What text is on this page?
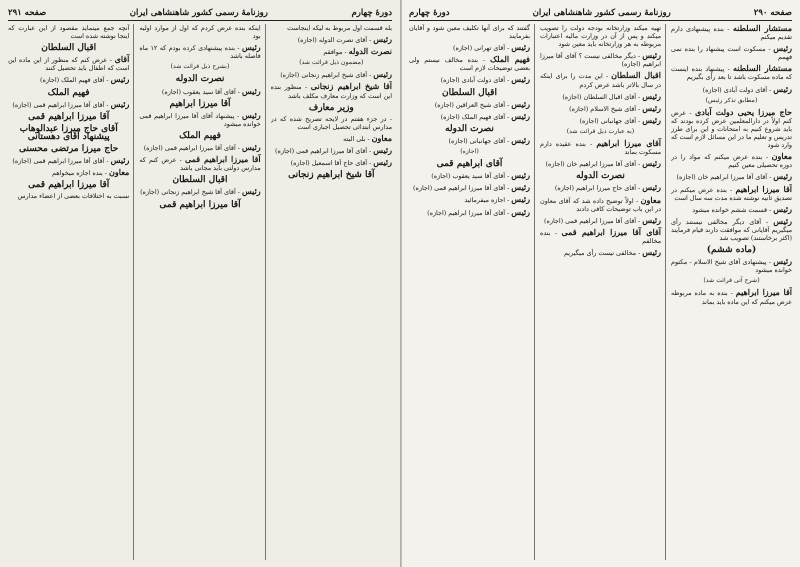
صفحه ۲۹۰
روزنامهٔ رسمی کشور شاهنشاهی ایران
دورهٔ چهارم

مستشار السلطنه - بنده پیشنهادی دارم تقدیم میکنم

رئیس - مسکوت است پیشنهاد را بنده نمی فهمم

مستشار السلطنه - پیشنهاد بنده اینست که ماده مسکوت باشد تا بعد رأی بگیریم

رئیس - آقای دولت آبادی (اجازه)

(مطابق تذکر رئیس)

حاج میرزا یحیی دولت آبادی - عرض کنم اولاً در دارالمعلمین عرض کرده بودند که باید شروع کنیم به امتحانات و این برای طرز تدریس و تعلیم ما در این مسائل لازم است که وارد شود

معاون - بنده عرض میکنم که مواد را در دوره تحصیلی معین کنیم

رئیس - آقای آقا میرزا ابراهیم خان (اجازه)

آقا میرزا ابراهیم - بنده عرض میکنم در تصدیق ثانیه نوشته شده مدت سه سال است

رئیس - قسمت ششم خوانده میشود

رئیس - آقای دیگر مخالفی نیستند رأی میگیریم آقایانی که موافقت دارند قیام فرمایند (اکثر برخاستند) تصویب شد

(ماده ششم)

رئیس - پیشنهادی آقای شیخ الاسلام - مکتوم خوانده میشود

(شرح آتی قرائت شد)

آقا میرزا ابراهیم - بنده به ماده مربوطه عرض میکنم که این ماده باید بماند

تهیه میکند وزارتخانه بودجه دولت را تصویب میکند و پس از آن در وزارت مالیه اعتبارات مربوطه به هر وزارتخانه باید معین شود

رئیس - دیگر مخالفی نیست ؟ آقای آقا میرزا ابراهیم (اجازه)

اقبال السلطان - این مدت را برای اینکه در سال بالاتر باشد عرض کردم

رئیس - آقای اقبال السلطان (اجازه)

رئیس - آقای شیخ الاسلام (اجازه)

رئیس - آقای جهانبانی (اجازه)

(به عبارت ذیل قرائت شد)

آقای میرزا ابراهیم - بنده عقیده دارم مسکوت بماند

رئیس - آقای آقا میرزا ابراهیم خان (اجازه)

نصرت الدوله

رئیس - آقای حاج میرزا ابراهیم (اجازه)

معاون - اولاً توضیح داده شد که آقای معاون در این باب توضیحات کافی دادند

رئیس - آقای آقا میرزا ابراهیم قمی (اجازه)

آقای آقا میرزا ابراهیم قمی - بنده مخالفم

رئیس - مخالفی نیست رأی میگیریم

گفتند که برای آنها تکلیف معین شود و آقایان بفرمایند

رئیس - آقای تهرانی (اجازه)

فهیم الملک - بنده مخالف نیستم ولی بعضی توضیحات لازم است

رئیس - آقای دولت آبادی (اجازه)

اقبال السلطان

رئیس - آقای شیخ العراقین (اجازه)

رئیس - آقای فهیم الملک (اجازه)

نصرت الدوله

رئیس - آقای جهانبانی (اجازه)

(اجازه)
آقای ابراهیم قمی

رئیس - آقای آقا سید یعقوب (اجازه)

رئیس - آقای آقا میرزا ابراهیم قمی (اجازه)

رئیس - اجازه میفرمائید

رئیس - آقای آقا میرزا ابراهیم (اجازه)

دورهٔ چهارم
روزنامهٔ رسمی کشور شاهنشاهی ایران
صفحه ۲۹۱

بله قسمت اول مربوط به لیکه اینجاست

رئیس - آقای نصرت الدوله (اجازه)

نصرت الدوله - موافقم

(مضمون ذیل قرائت شد)

رئیس - آقای شیخ ابراهیم زنجانی (اجازه)

آقا شیخ ابراهیم زنجانی - منظور بنده این است که وزارت معارف مکلف باشد

وزیر معارف

- در جزء هفتم در لایحه تصریح شده که در مدارس ابتدائی تحصیل اجباری است

معاون - بلی البته

رئیس - آقای آقا میرزا ابراهیم قمی (اجازه)

رئیس - آقای حاج آقا اسمعیل (اجازه)

آقا شیخ ابراهیم زنجانی

اینکه بنده عرض کردم که اول از موارد اولیه بود

رئیس - بنده پیشنهادی کرده بودم که ۱۲ ماه فاصله باشد

(بشرح ذیل قرائت شد)
نصرت الدوله

رئیس - آقای آقا سید یعقوب (اجازه)

آقا میرزا ابراهیم

رئیس - پیشنهاد آقای آقا میرزا ابراهیم قمی خوانده میشود

فهیم الملک

رئیس - آقای آقا میرزا ابراهیم قمی (اجازه)

آقا میرزا ابراهیم قمی - عرض کنم که مدارس دولتی باید مجانی باشد

اقبال السلطان

رئیس - آقای آقا شیخ ابراهیم زنجانی (اجازه)

آقا میرزا ابراهیم قمی

آنچه جمع مینماید مقصود از این عبارت که اینجا نوشته شده است

اقبال السلطان

آقای - عرض کنم که منظور از این ماده این است که اطفال باید تحصیل کنند

رئیس - آقای فهیم الملک (اجازه)

فهیم الملک

رئیس - آقای آقا میرزا ابراهیم قمی (اجازه)

آقا میرزا ابراهیم قمی
آقای حاج میرزا عبدالوهاب پیشنهاد آقای دهستانی
حاج میرزا مرتضی محسنی

رئیس - آقای آقا میرزا ابراهیم قمی (اجازه)

معاون - بنده اجازه میخواهم

آقا میرزا ابراهیم قمی

نسبت به اختلافات بعضی از اعضاء مدارس
